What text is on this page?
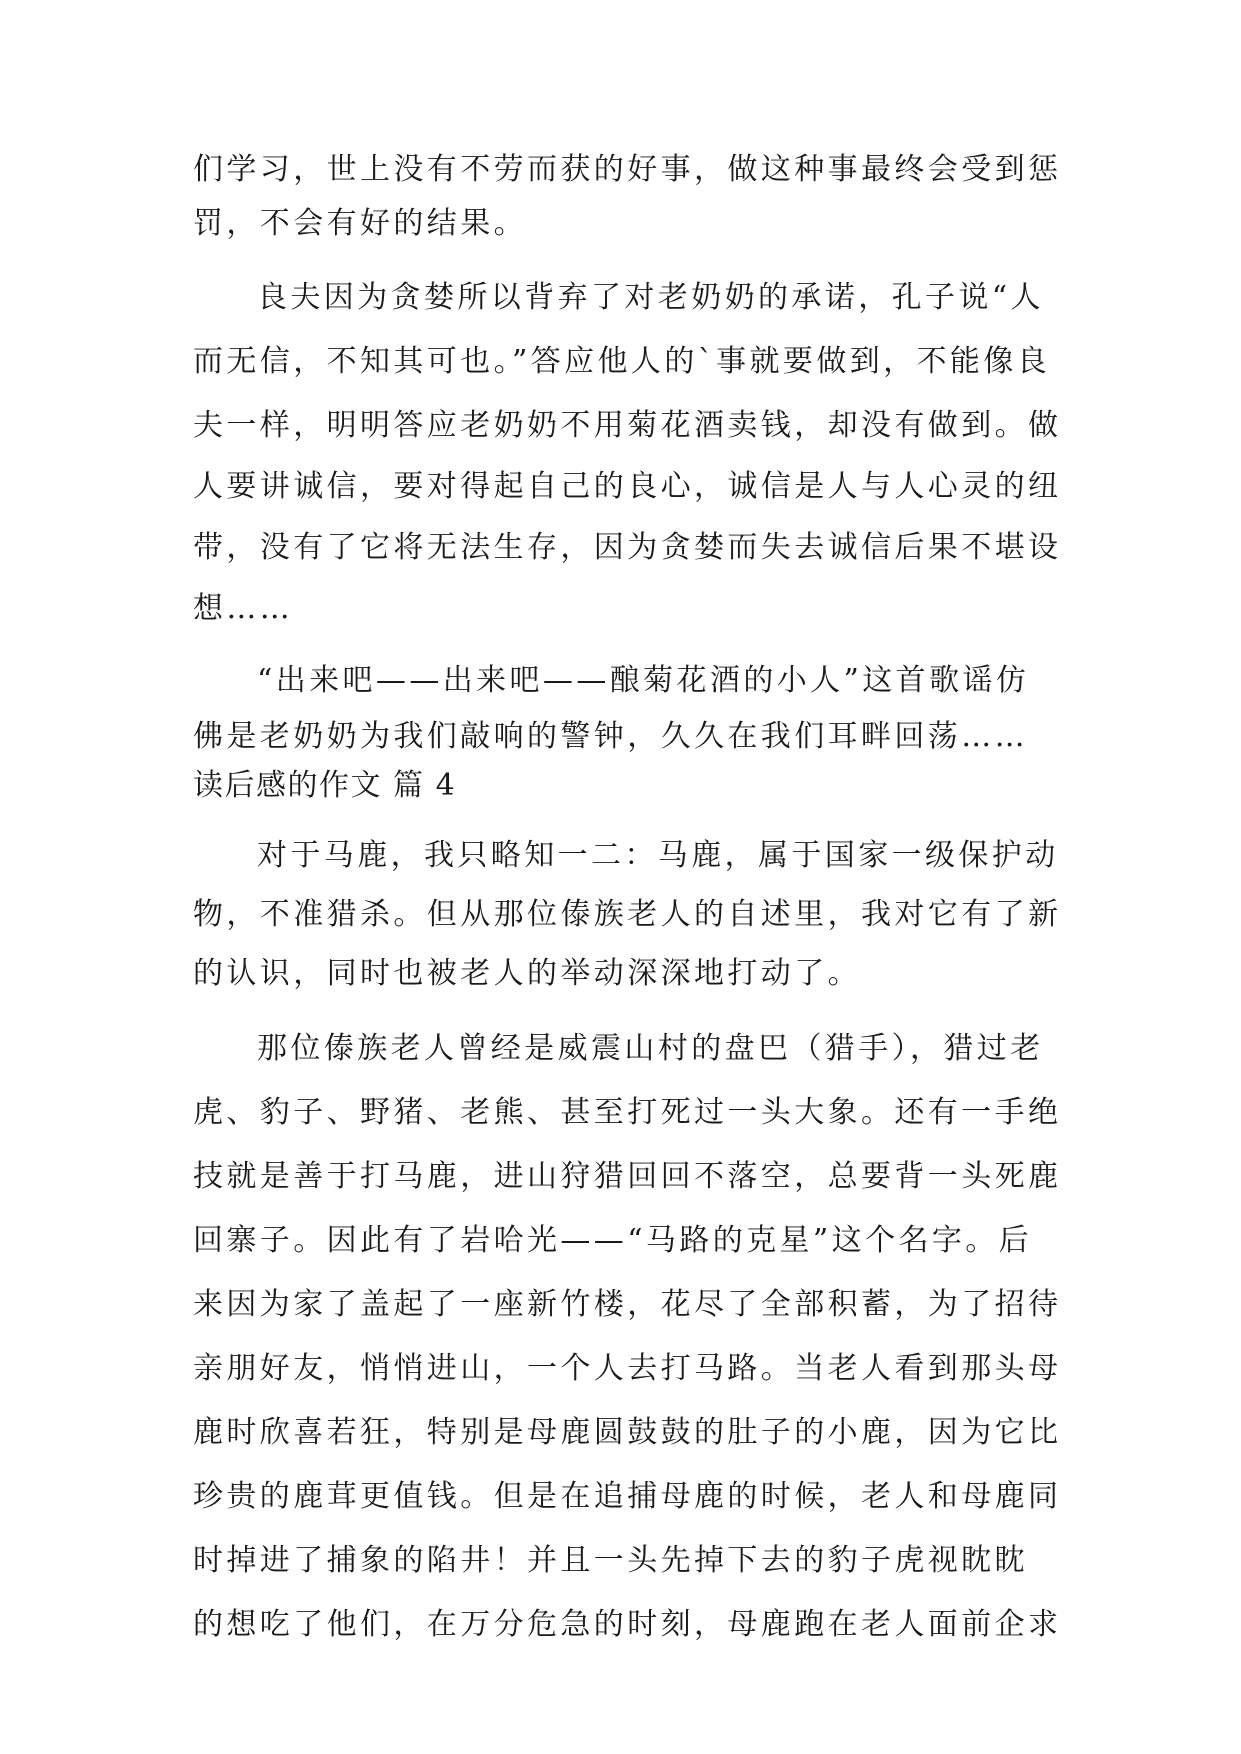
们学习，世上没有不劳而获的好事，做这种事最终会受到惩
罚，不会有好的结果。
良夫因为贪婪所以背弃了对老奶奶的承诺，孔子说“人
而无信，不知其可也。”答应他人的`事就要做到，不能像良
夫一样，明明答应老奶奶不用菊花酒卖钱，却没有做到。做
人要讲诚信，要对得起自己的良心，诚信是人与人心灵的纽
带，没有了它将无法生存，因为贪婪而失去诚信后果不堪设
想……
“出来吧——出来吧——酿菊花酒的小人”这首歌谣仿
佛是老奶奶为我们敲响的警钟，久久在我们耳畔回荡……
读后感的作文 篇 4
对于马鹿，我只略知一二：马鹿，属于国家一级保护动
物，不准猎杀。但从那位傣族老人的自述里，我对它有了新
的认识，同时也被老人的举动深深地打动了。
那位傣族老人曾经是威震山村的盘巴（猎手），猎过老
虎、豹子、野猪、老熊、甚至打死过一头大象。还有一手绝
技就是善于打马鹿，进山狩猎回回不落空，总要背一头死鹿
回寨子。因此有了岩哈光——“马路的克星”这个名字。后
来因为家了盖起了一座新竹楼，花尽了全部积蓄，为了招待
亲朋好友，悄悄进山，一个人去打马路。当老人看到那头母
鹿时欣喜若狂，特别是母鹿圆鼓鼓的肚子的小鹿，因为它比
珍贵的鹿茸更值钱。但是在追捕母鹿的时候，老人和母鹿同
时掉进了捕象的陷井！并且一头先掉下去的豹子虎视眈眈
的想吃了他们，在万分危急的时刻，母鹿跑在老人面前企求
